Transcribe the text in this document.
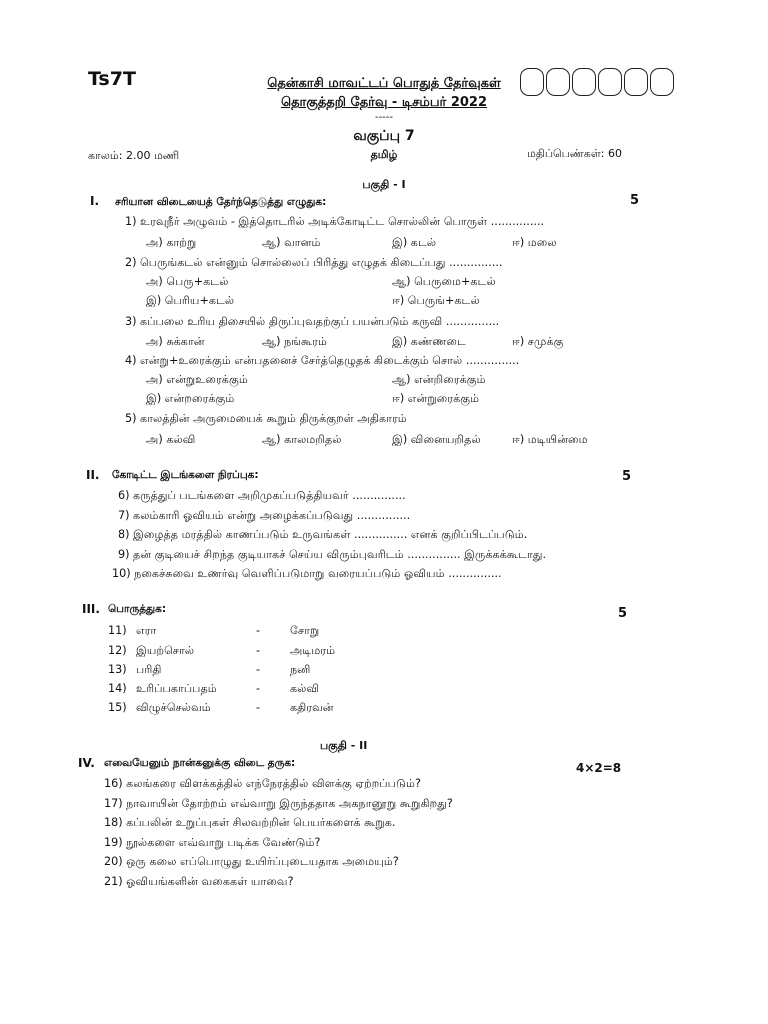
Ts7T	தென்காசி மாவட்டப் பொதுத் தேர்வுகள்
தொகுத்தறி தேர்வு - டிசம்பர் 2022
-----
வகுப்பு 7
தமிழ்
காலம்: 2.00 மணி	மதிப்பெண்கள்: 60
பகுதி - I
I. சரியான விடையைத் தேர்ந்தெடுத்து எழுதுக:	5
1) உரவுநீர் அழுவம் - இத்தொடரில் அடிக்கோடிட்ட சொல்லின் பொருள் ...............
அ) காற்று	ஆ) வானம்	இ) கடல்	ஈ) மலை
2) பெருங்கடல் என்னும் சொல்லைப் பிரித்து எழுதக் கிடைப்பது ...............
அ) பெரு+கடல்	ஆ) பெருமை+கடல்
இ) பெரிய+கடல்	ஈ) பெருங்+கடல்
3) கப்பலை உரிய திசையில் திருப்புவதற்குப் பயன்படும் கருவி ...............
அ) சுக்கான்	ஆ) நங்கூரம்	இ) கண்ணடை	ஈ) சமுக்கு
4) என்று+உரைக்கும் என்பதனைச் சேர்த்தெழுதக் கிடைக்கும் சொல் ...............
அ) என்றுஉரைக்கும்	ஆ) என்றிரைக்கும்
இ) என்றரைக்கும்	ஈ) என்றுரைக்கும்
5) காலத்தின் அருமையைக் கூறும் திருக்குறள் அதிகாரம்
அ) கல்வி	ஆ) காலமறிதல்	இ) வினையறிதல்	ஈ) மடியின்மை
II. கோடிட்ட இடங்களை நிரப்புக:	5
6) கருத்துப் படங்களை அறிமுகப்படுத்தியவர் ...............
7) கலம்காரி ஓவியம் என்று அழைக்கப்படுவது ...............
8) இழைத்த மரத்தில் காணப்படும் உருவங்கள் ............... எனக் குறிப்பிடப்படும்.
9) தன் குடியைச் சிறந்த குடியாகச் செய்ய விரும்புவரிடம் ............... இருக்கக்கூடாது.
10) நகைச்சுவை உணர்வு வெளிப்படுமாறு வரையப்படும் ஓவியம் ...............
III. பொருத்துக:	5
11) எரா	-	சோறு
12) இயற்சொல்	-	அடிமரம்
13) பரிதி	-	நனி
14) உரிப்பகாப்பதம்	-	கல்வி
15) விழுச்செல்வம்	-	கதிரவன்
பகுதி - II
IV. எவையேனும் நான்கனுக்கு விடை தருக:	4×2=8
16) கலங்கரை விளக்கத்தில் எந்நேரத்தில் விளக்கு ஏற்றப்படும்?
17) நாவாயின் தோற்றம் எவ்வாறு இருந்ததாக அகநானூறு கூறுகிறது?
18) கப்பலின் உறுப்புகள் சிலவற்றின் பெயர்களைக் கூறுக.
19) நூல்களை எவ்வாறு படிக்க வேண்டும்?
20) ஒரு கலை எப்பொழுது உயிர்ப்புடையதாக அமையும்?
21) ஓவியங்களின் வகைகள் யாவை?
